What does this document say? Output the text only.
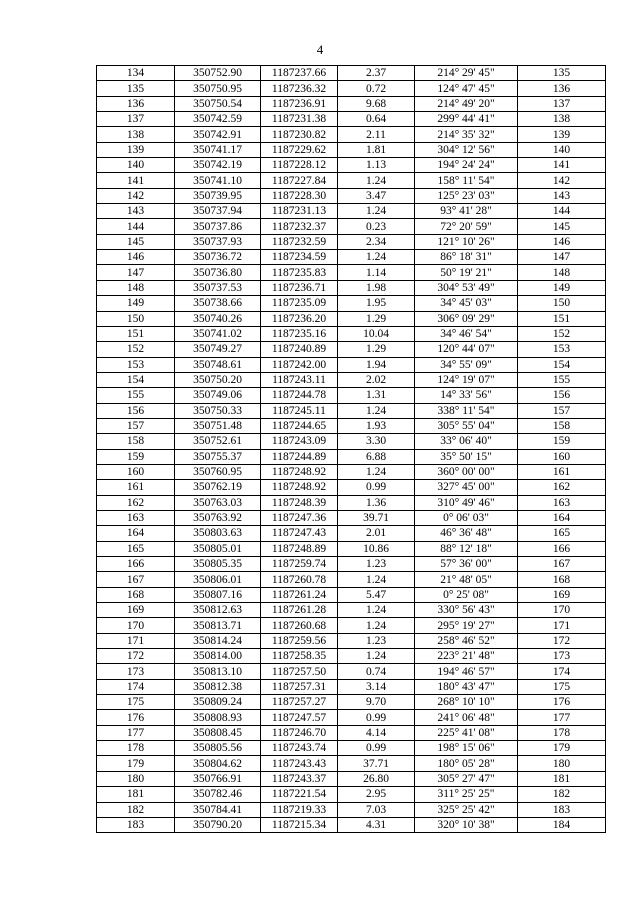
4
134	350752.90	1187237.66	2.37	214° 29' 45"	135
135	350750.95	1187236.32	0.72	124° 47' 45"	136
136	350750.54	1187236.91	9.68	214° 49' 20"	137
137	350742.59	1187231.38	0.64	299° 44' 41"	138
138	350742.91	1187230.82	2.11	214° 35' 32"	139
139	350741.17	1187229.62	1.81	304° 12' 56"	140
140	350742.19	1187228.12	1.13	194° 24' 24"	141
141	350741.10	1187227.84	1.24	158° 11' 54"	142
142	350739.95	1187228.30	3.47	125° 23' 03"	143
143	350737.94	1187231.13	1.24	93° 41' 28"	144
144	350737.86	1187232.37	0.23	72° 20' 59"	145
145	350737.93	1187232.59	2.34	121° 10' 26"	146
146	350736.72	1187234.59	1.24	86° 18' 31"	147
147	350736.80	1187235.83	1.14	50° 19' 21"	148
148	350737.53	1187236.71	1.98	304° 53' 49"	149
149	350738.66	1187235.09	1.95	34° 45' 03"	150
150	350740.26	1187236.20	1.29	306° 09' 29"	151
151	350741.02	1187235.16	10.04	34° 46' 54"	152
152	350749.27	1187240.89	1.29	120° 44' 07"	153
153	350748.61	1187242.00	1.94	34° 55' 09"	154
154	350750.20	1187243.11	2.02	124° 19' 07"	155
155	350749.06	1187244.78	1.31	14° 33' 56"	156
156	350750.33	1187245.11	1.24	338° 11' 54"	157
157	350751.48	1187244.65	1.93	305° 55' 04"	158
158	350752.61	1187243.09	3.30	33° 06' 40"	159
159	350755.37	1187244.89	6.88	35° 50' 15"	160
160	350760.95	1187248.92	1.24	360° 00' 00"	161
161	350762.19	1187248.92	0.99	327° 45' 00"	162
162	350763.03	1187248.39	1.36	310° 49' 46"	163
163	350763.92	1187247.36	39.71	0° 06' 03"	164
164	350803.63	1187247.43	2.01	46° 36' 48"	165
165	350805.01	1187248.89	10.86	88° 12' 18"	166
166	350805.35	1187259.74	1.23	57° 36' 00"	167
167	350806.01	1187260.78	1.24	21° 48' 05"	168
168	350807.16	1187261.24	5.47	0° 25' 08"	169
169	350812.63	1187261.28	1.24	330° 56' 43"	170
170	350813.71	1187260.68	1.24	295° 19' 27"	171
171	350814.24	1187259.56	1.23	258° 46' 52"	172
172	350814.00	1187258.35	1.24	223° 21' 48"	173
173	350813.10	1187257.50	0.74	194° 46' 57"	174
174	350812.38	1187257.31	3.14	180° 43' 47"	175
175	350809.24	1187257.27	9.70	268° 10' 10"	176
176	350808.93	1187247.57	0.99	241° 06' 48"	177
177	350808.45	1187246.70	4.14	225° 41' 08"	178
178	350805.56	1187243.74	0.99	198° 15' 06"	179
179	350804.62	1187243.43	37.71	180° 05' 28"	180
180	350766.91	1187243.37	26.80	305° 27' 47"	181
181	350782.46	1187221.54	2.95	311° 25' 25"	182
182	350784.41	1187219.33	7.03	325° 25' 42"	183
183	350790.20	1187215.34	4.31	320° 10' 38"	184
